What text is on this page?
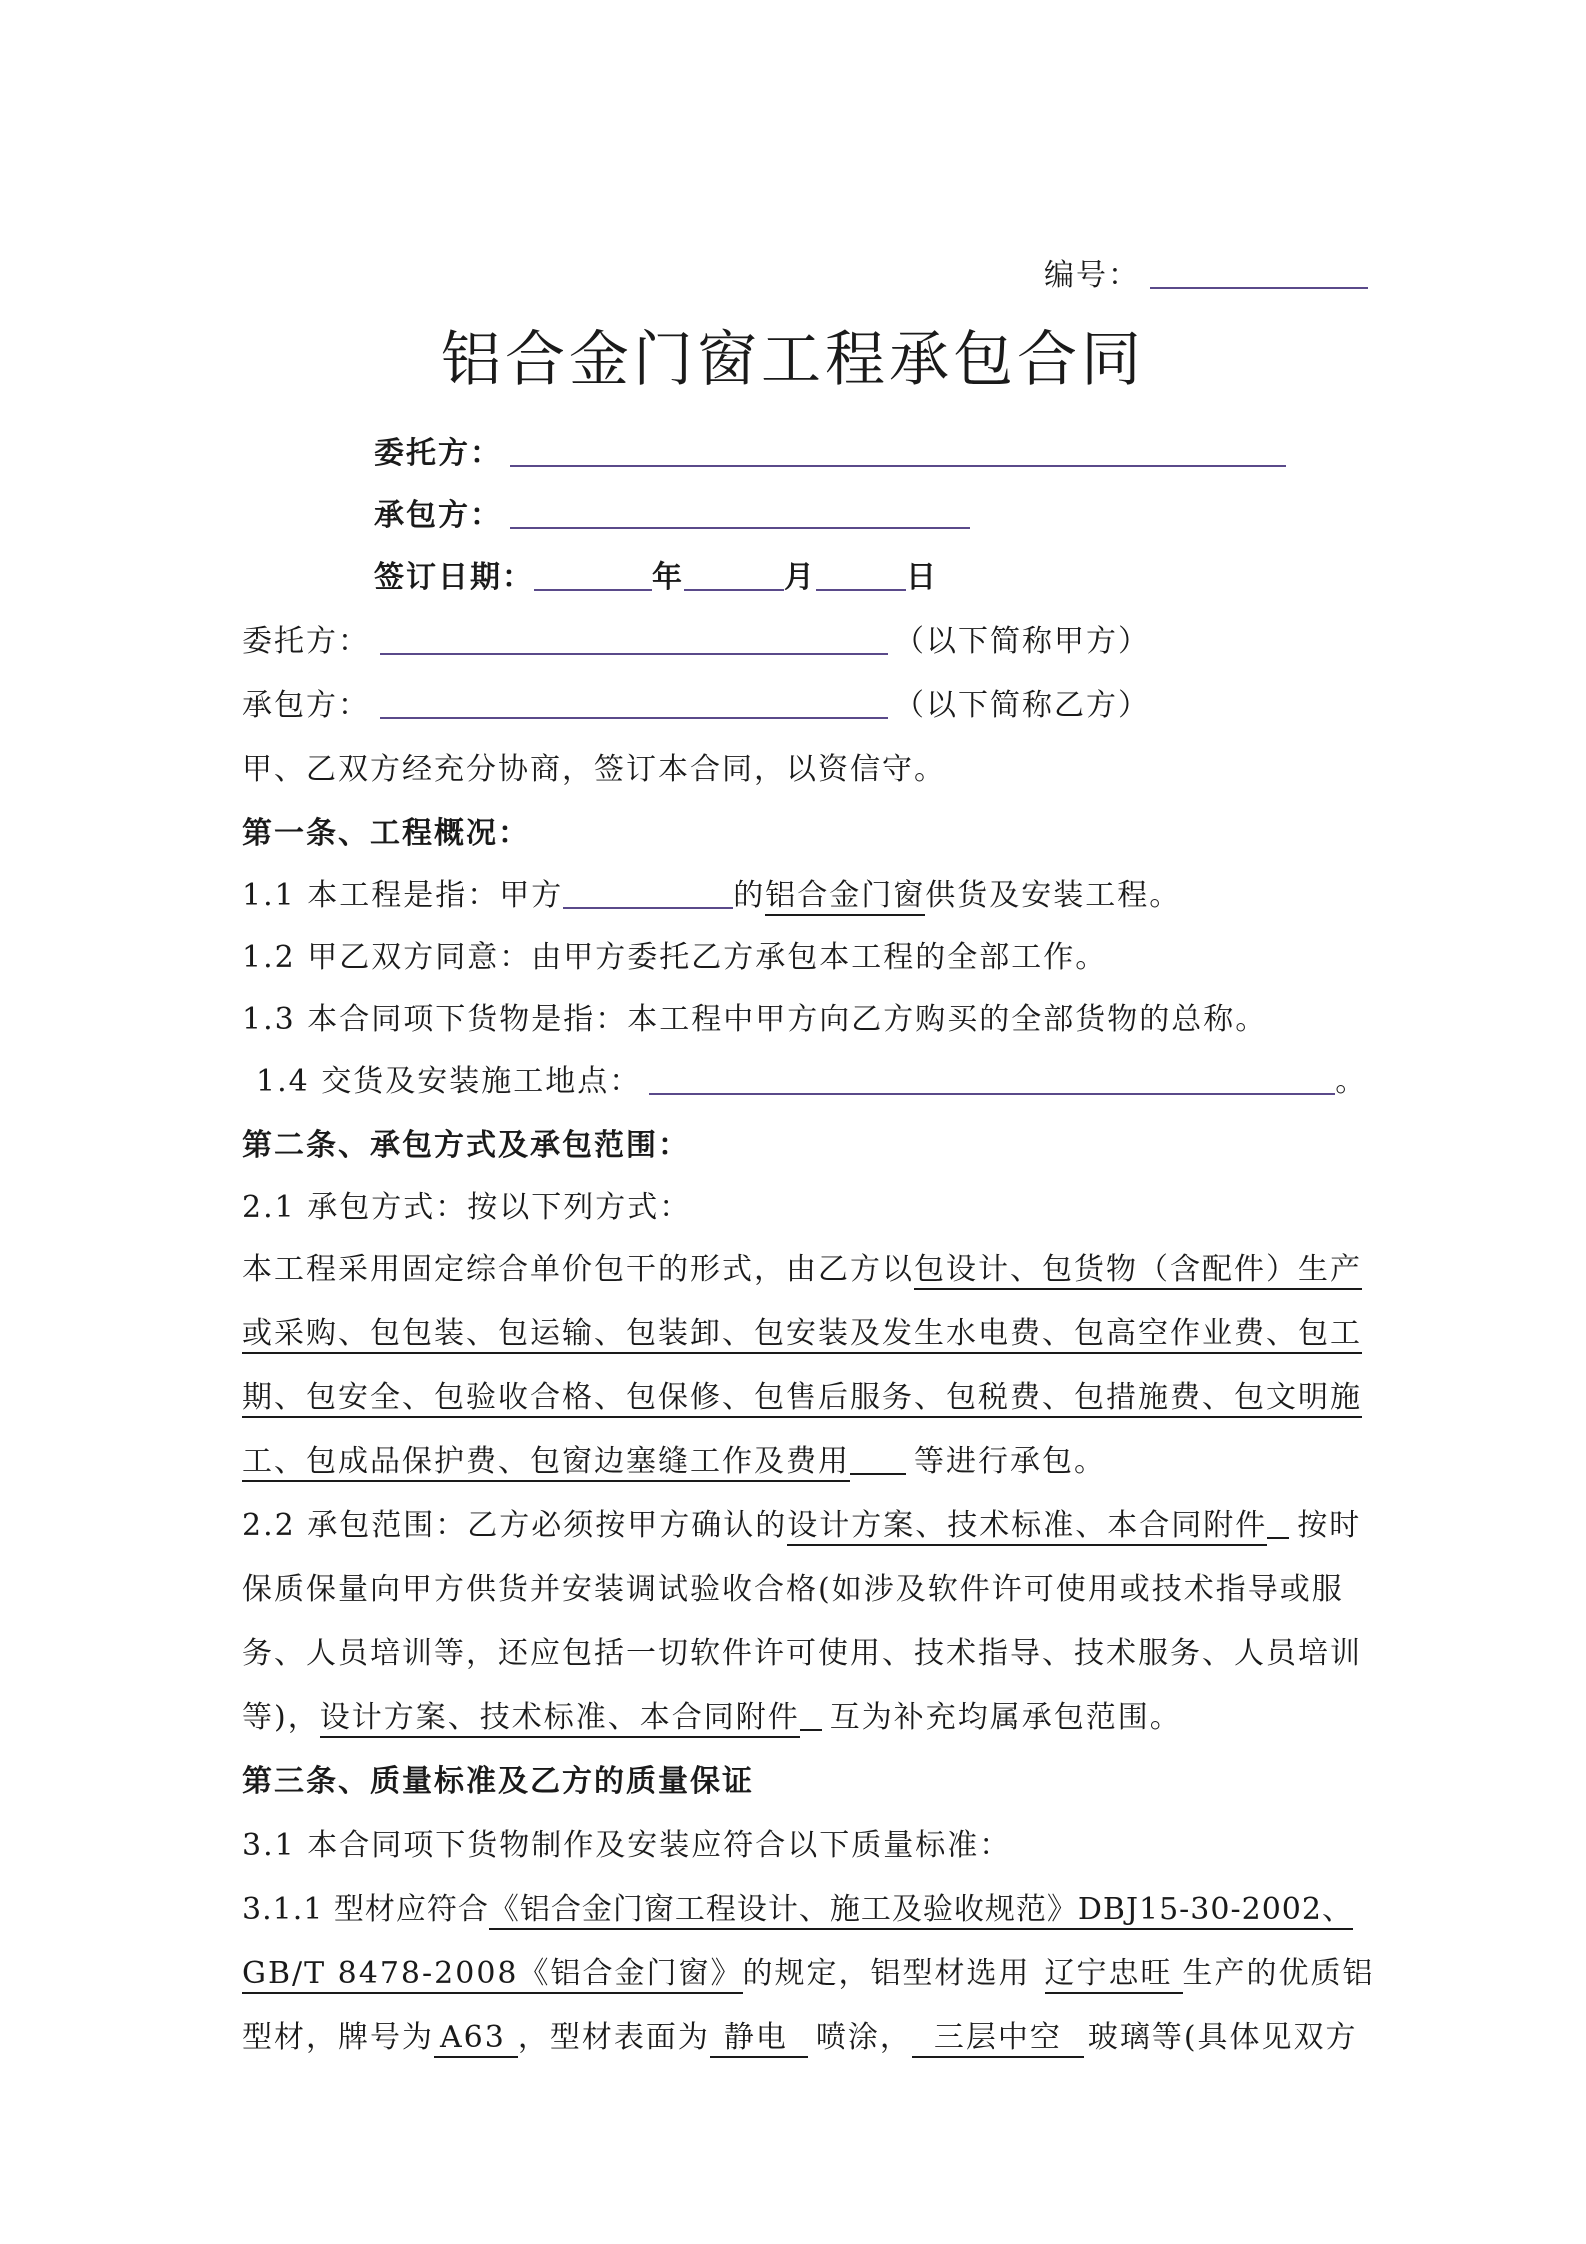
编号：
铝合金门窗工程承包合同
委托方：
承包方：
签订日期：	年	月	日
委托方：	（以下简称甲方）
承包方：	（以下简称乙方）
甲、乙双方经充分协商，签订本合同，以资信守。
第一条、工程概况：
1.1 本工程是指：甲方	的铝合金门窗供货及安装工程。
1.2 甲乙双方同意：由甲方委托乙方承包本工程的全部工作。
1.3 本合同项下货物是指：本工程中甲方向乙方购买的全部货物的总称。
1.4 交货及安装施工地点：	。
第二条、承包方式及承包范围：
2.1 承包方式：按以下列方式：
本工程采用固定综合单价包干的形式，由乙方以包设计、包货物（含配件）生产
或采购、包包装、包运输、包装卸、包安装及发生水电费、包高空作业费、包工
期、包安全、包验收合格、包保修、包售后服务、包税费、包措施费、包文明施
工、包成品保护费、包窗边塞缝工作及费用 等进行承包。
2.2 承包范围：乙方必须按甲方确认的设计方案、技术标准、本合同附件 按时
保质保量向甲方供货并安装调试验收合格(如涉及软件许可使用或技术指导或服
务、人员培训等，还应包括一切软件许可使用、技术指导、技术服务、人员培训
等)，设计方案、技术标准、本合同附件 互为补充均属承包范围。
第三条、质量标准及乙方的质量保证
3.1 本合同项下货物制作及安装应符合以下质量标准：
3.1.1 型材应符合《铝合金门窗工程设计、施工及验收规范》DBJ15-30-2002、
GB/T 8478-2008《铝合金门窗》的规定，铝型材选用 辽宁忠旺 生产的优质铝
型材，牌号为 A63 ，型材表面为 静电 喷涂， 三层中空 玻璃等(具体见双方
